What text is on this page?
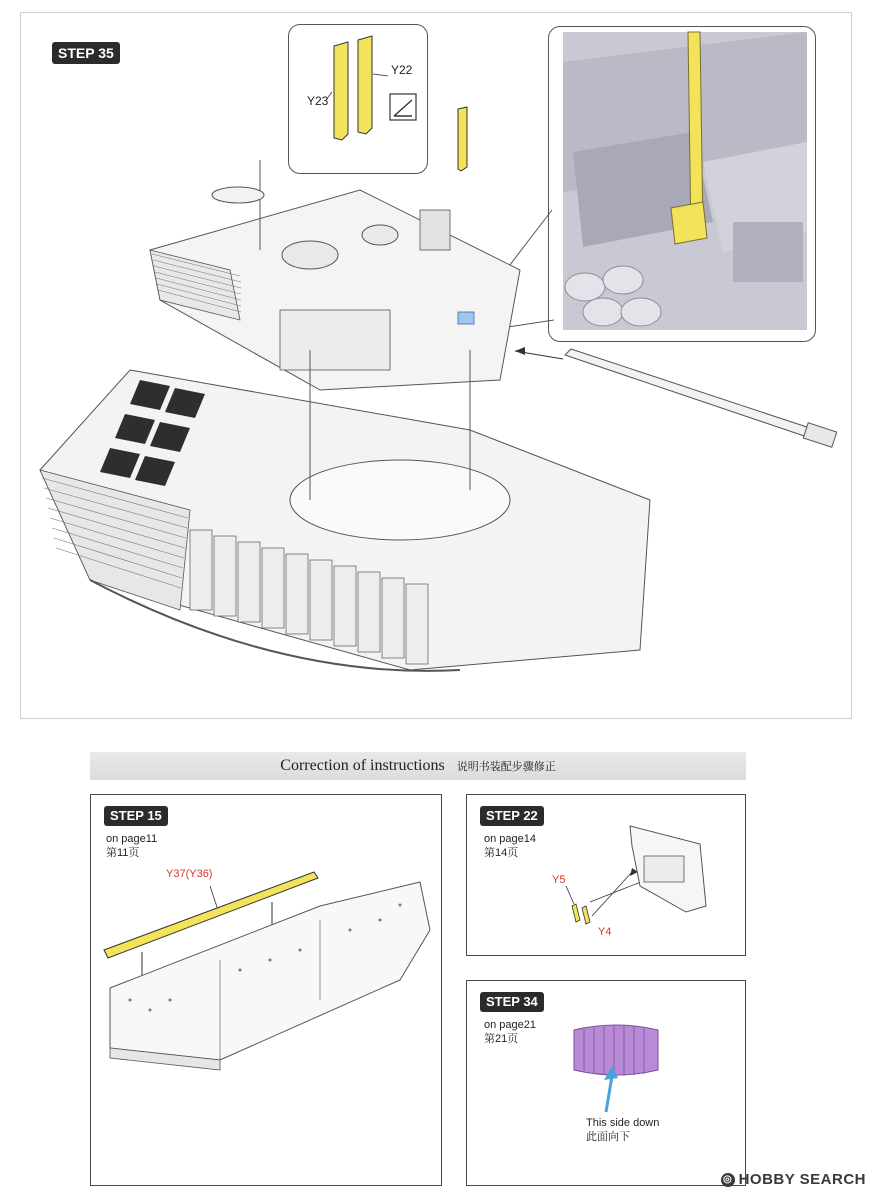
STEP 35
Y22
Y23
Correction of instructions 说明书装配步骤修正
STEP 15
on page11
第11页
Y37(Y36)
STEP 22
on page14
第14页
Y5
Y4
STEP 34
on page21
第21页
This side down
此面向下
◎ HOBBY SEARCH
